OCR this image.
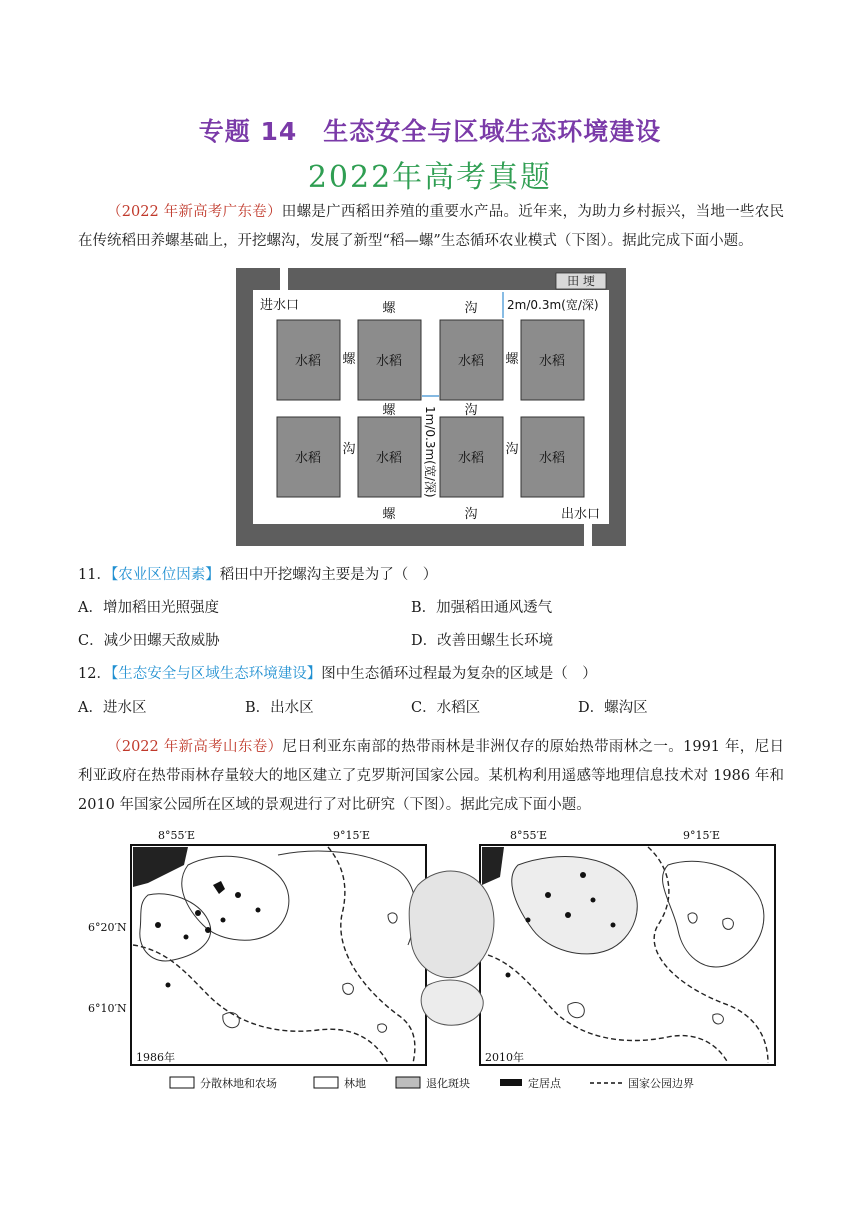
专题 14　生态安全与区域生态环境建设
2022年高考真题
（2022 年新高考广东卷）田螺是广西稻田养殖的重要水产品。近年来，为助力乡村振兴，当地一些农民在传统稻田养螺基础上，开挖螺沟，发展了新型“稻—螺”生态循环农业模式（下图）。据此完成下面小题。
田 埂
进水口
出水口
水稻	水稻	水稻	水稻
水稻	水稻	水稻	水稻
螺	沟
螺	螺
螺	沟
沟	沟
螺	沟
2m/0.3m(宽/深)
1m/0.3m(宽/深)
11．【农业区位因素】稻田中开挖螺沟主要是为了（　）
A．增加稻田光照强度	B．加强稻田通风透气
C．减少田螺天敌威胁	D．改善田螺生长环境
12．【生态安全与区域生态环境建设】图中生态循环过程最为复杂的区域是（　）
A．进水区	B．出水区	C．水稻区	D．螺沟区
（2022 年新高考山东卷）尼日利亚东南部的热带雨林是非洲仅存的原始热带雨林之一。1991 年，尼日利亚政府在热带雨林存量较大的地区建立了克罗斯河国家公园。某机构利用遥感等地理信息技术对 1986 年和 2010 年国家公园所在区域的景观进行了对比研究（下图）。据此完成下面小题。
8°55′E	9°15′E	8°55′E	9°15′E
6°20′N
6°10′N
1986年	2010年
分散林地和农场	林地	退化斑块	定居点	国家公园边界
